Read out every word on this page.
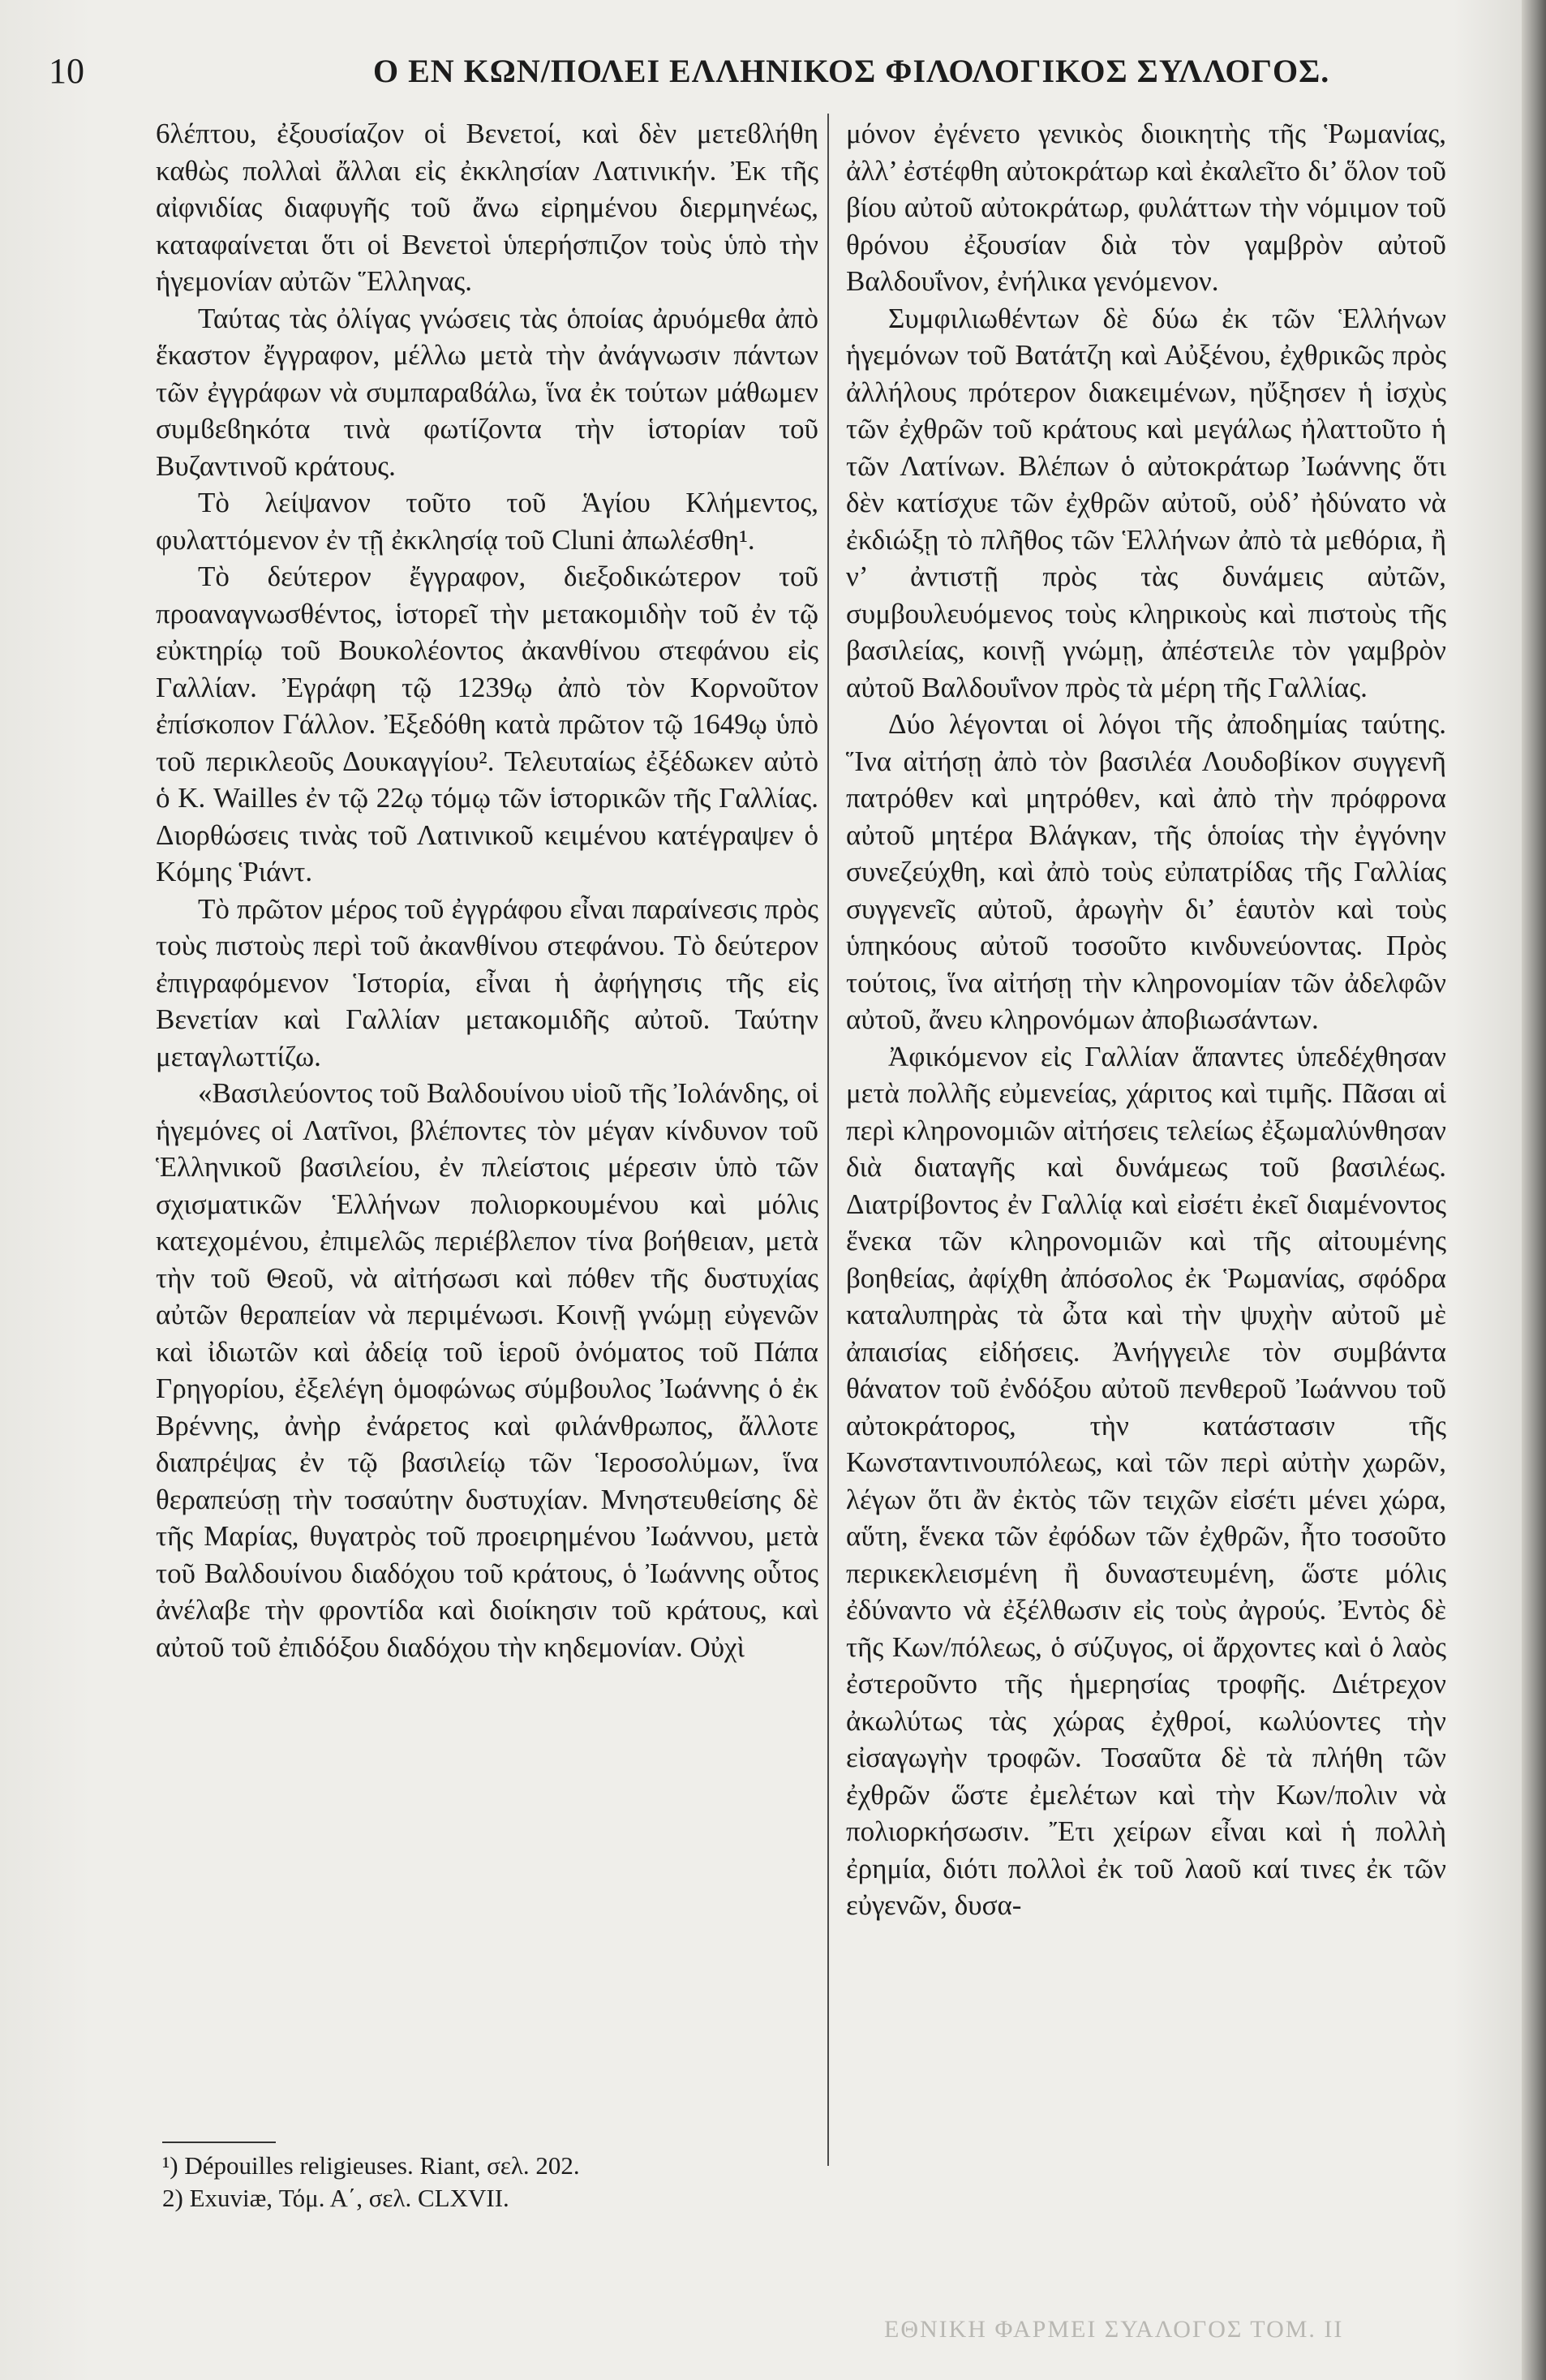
10	Ο ΕΝ ΚΩΝ/ΠΟΛΕΙ ΕΛΛΗΝΙΚΟΣ ΦΙΛΟΛΟΓΙΚΟΣ ΣΥΛΛΟΓΟΣ.

6λέπτου, ἐξουσίαζον οἱ Βενετοί, καὶ δὲν μετεϐλήθη καθὼς πολλαὶ ἄλλαι εἰς ἐκκλησίαν Λατινικήν. Ἐκ τῆς αἰφνιδίας διαφυγῆς τοῦ ἄνω εἰρημένου διερμηνέως, καταφαίνεται ὅτι οἱ Βενετοὶ ὑπερήσπιζον τοὺς ὑπὸ τὴν ἡγεμονίαν αὐτῶν Ἕλληνας.

Ταύτας τὰς ὀλίγας γνώσεις τὰς ὁποίας ἀρυόμεθα ἀπὸ ἕκαστον ἔγγραφον, μέλλω μετὰ τὴν ἀνάγνωσιν πάντων τῶν ἐγγράφων νὰ συμπαραϐάλω, ἵνα ἐκ τούτων μάθωμεν συμϐεϐηκότα τινὰ φωτίζοντα τὴν ἱστορίαν τοῦ Βυζαντινοῦ κράτους.

Τὸ λείψανον τοῦτο τοῦ Ἁγίου Κλήμεντος, φυλαττόμενον ἐν τῇ ἐκκλησίᾳ τοῦ Cluni ἀπωλέσθη¹.

Τὸ δεύτερον ἔγγραφον, διεξοδικώτερον τοῦ προαναγνωσθέντος, ἱστορεῖ τὴν μετακομιδὴν τοῦ ἐν τῷ εὐκτηρίῳ τοῦ Βουκολέοντος ἀκανθίνου στεφάνου εἰς Γαλλίαν. Ἐγράφη τῷ 1239ῳ ἀπὸ τὸν Κορνοῦτον ἐπίσκοπον Γάλλον. Ἐξεδόθη κατὰ πρῶτον τῷ 1649ῳ ὑπὸ τοῦ περικλεοῦς Δουκαγγίου². Τελευταίως ἐξέδωκεν αὐτὸ ὁ Κ. Wailles ἐν τῷ 22ῳ τόμῳ τῶν ἱστορικῶν τῆς Γαλλίας. Διορθώσεις τινὰς τοῦ Λατινικοῦ κειμένου κατέγραψεν ὁ Κόμης Ῥιάντ.

Τὸ πρῶτον μέρος τοῦ ἐγγράφου εἶναι παραίνεσις πρὸς τοὺς πιστοὺς περὶ τοῦ ἀκανθίνου στεφάνου. Τὸ δεύτερον ἐπιγραφόμενον Ἱστορία, εἶναι ἡ ἀφήγησις τῆς εἰς Βενετίαν καὶ Γαλλίαν μετακομιδῆς αὐτοῦ. Ταύτην μεταγλωττίζω.

«Βασιλεύοντος τοῦ Βαλδουίνου υἱοῦ τῆς Ἰολάνδης, οἱ ἡγεμόνες οἱ Λατῖνοι, βλέποντες τὸν μέγαν κίνδυνον τοῦ Ἑλληνικοῦ βασιλείου, ἐν πλείστοις μέρεσιν ὑπὸ τῶν σχισματικῶν Ἑλλήνων πολιορκουμένου καὶ μόλις κατεχομένου, ἐπιμελῶς περιέβλεπον τίνα βοήθειαν, μετὰ τὴν τοῦ Θεοῦ, νὰ αἰτήσωσι καὶ πόθεν τῆς δυστυχίας αὐτῶν θεραπείαν νὰ περιμένωσι. Κοινῇ γνώμῃ εὐγενῶν καὶ ἰδιωτῶν καὶ ἀδείᾳ τοῦ ἱεροῦ ὀνόματος τοῦ Πάπα Γρηγορίου, ἐξελέγη ὁμοφώνως σύμβουλος Ἰωάννης ὁ ἐκ Βρέννης, ἀνὴρ ἐνάρετος καὶ φιλάνθρωπος, ἄλλοτε διαπρέψας ἐν τῷ βασιλείῳ τῶν Ἱεροσολύμων, ἵνα θεραπεύσῃ τὴν τοσαύτην δυστυχίαν. Μνηστευθείσης δὲ τῆς Μαρίας, θυγατρὸς τοῦ προειρημένου Ἰωάννου, μετὰ τοῦ Βαλδουίνου διαδόχου τοῦ κράτους, ὁ Ἰωάννης οὗτος ἀνέλαβε τὴν φροντίδα καὶ διοίκησιν τοῦ κράτους, καὶ αὐτοῦ τοῦ ἐπιδόξου διαδόχου τὴν κηδεμονίαν. Οὐχὶ

μόνον ἐγένετο γενικὸς διοικητὴς τῆς Ῥωμανίας, ἀλλ’ ἐστέφθη αὐτοκράτωρ καὶ ἐκαλεῖτο δι’ ὅλον τοῦ βίου αὐτοῦ αὐτοκράτωρ, φυλάττων τὴν νόμιμον τοῦ θρόνου ἐξουσίαν διὰ τὸν γαμβρὸν αὐτοῦ Βαλδουΐνον, ἐνήλικα γενόμενον.

Συμφιλιωθέντων δὲ δύω ἐκ τῶν Ἑλλήνων ἡγεμόνων τοῦ Βατάτζη καὶ Αὐξένου, ἐχθρικῶς πρὸς ἀλλήλους πρότερον διακειμένων, ηὔξησεν ἡ ἰσχὺς τῶν ἐχθρῶν τοῦ κράτους καὶ μεγάλως ἠλαττοῦτο ἡ τῶν Λατίνων. Βλέπων ὁ αὐτοκράτωρ Ἰωάννης ὅτι δὲν κατίσχυε τῶν ἐχθρῶν αὐτοῦ, οὐδ’ ἠδύνατο νὰ ἐκδιώξῃ τὸ πλῆθος τῶν Ἑλλήνων ἀπὸ τὰ μεθόρια, ἢ ν’ ἀντιστῇ πρὸς τὰς δυνάμεις αὐτῶν, συμβουλευόμενος τοὺς κληρικοὺς καὶ πιστοὺς τῆς βασιλείας, κοινῇ γνώμῃ, ἀπέστειλε τὸν γαμβρὸν αὐτοῦ Βαλδουΐνον πρὸς τὰ μέρη τῆς Γαλλίας.

Δύο λέγονται οἱ λόγοι τῆς ἀποδημίας ταύτης. Ἵνα αἰτήσῃ ἀπὸ τὸν βασιλέα Λουδοβίκον συγγενῆ πατρόθεν καὶ μητρόθεν, καὶ ἀπὸ τὴν πρόφρονα αὐτοῦ μητέρα Βλάγκαν, τῆς ὁποίας τὴν ἐγγόνην συνεζεύχθη, καὶ ἀπὸ τοὺς εὐπατρίδας τῆς Γαλλίας συγγενεῖς αὐτοῦ, ἀρωγὴν δι’ ἑαυτὸν καὶ τοὺς ὑπηκόους αὐτοῦ τοσοῦτο κινδυνεύοντας. Πρὸς τούτοις, ἵνα αἰτήσῃ τὴν κληρονομίαν τῶν ἀδελφῶν αὐτοῦ, ἄνευ κληρονόμων ἀποβιωσάντων.

Ἀφικόμενον εἰς Γαλλίαν ἅπαντες ὑπεδέχθησαν μετὰ πολλῆς εὐμενείας, χάριτος καὶ τιμῆς. Πᾶσαι αἱ περὶ κληρονομιῶν αἰτήσεις τελείως ἐξωμαλύνθησαν διὰ διαταγῆς καὶ δυνάμεως τοῦ βασιλέως. Διατρίβοντος ἐν Γαλλίᾳ καὶ εἰσέτι ἐκεῖ διαμένοντος ἕνεκα τῶν κληρονομιῶν καὶ τῆς αἰτουμένης βοηθείας, ἀφίχθη ἀπόσολος ἐκ Ῥωμανίας, σφόδρα καταλυπηρὰς τὰ ὦτα καὶ τὴν ψυχὴν αὐτοῦ μὲ ἀπαισίας εἰδήσεις. Ἀνήγγειλε τὸν συμβάντα θάνατον τοῦ ἐνδόξου αὐτοῦ πενθεροῦ Ἰωάννου τοῦ αὐτοκράτορος, τὴν κατάστασιν τῆς Κωνσταντινουπόλεως, καὶ τῶν περὶ αὐτὴν χωρῶν, λέγων ὅτι ἂν ἐκτὸς τῶν τειχῶν εἰσέτι μένει χώρα, αὕτη, ἕνεκα τῶν ἐφόδων τῶν ἐχθρῶν, ἦτο τοσοῦτο περικεκλεισμένη ἢ δυναστευμένη, ὥστε μόλις ἐδύναντο νὰ ἐξέλθωσιν εἰς τοὺς ἀγρούς. Ἐντὸς δὲ τῆς Κων/πόλεως, ὁ σύζυγος, οἱ ἄρχοντες καὶ ὁ λαὸς ἐστεροῦντο τῆς ἡμερησίας τροφῆς. Διέτρεχον ἀκωλύτως τὰς χώρας ἐχθροί, κωλύοντες τὴν εἰσαγωγὴν τροφῶν. Τοσαῦτα δὲ τὰ πλήθη τῶν ἐχθρῶν ὥστε ἐμελέτων καὶ τὴν Κων/πολιν νὰ πολιορκήσωσιν. Ἔτι χείρων εἶναι καὶ ἡ πολλὴ ἐρημία, διότι πολλοὶ ἐκ τοῦ λαοῦ καί τινες ἐκ τῶν εὐγενῶν, δυσα-

¹) Dépouilles religieuses. Riant, σελ. 202.
2) Exuviæ, Τόμ. Α΄, σελ. CLXVII.
ΕΘΝΙΚΗ ΦΑΡΜΕΙ ΣΥΑΛΟΓΟΣ ΤΟΜ. II
